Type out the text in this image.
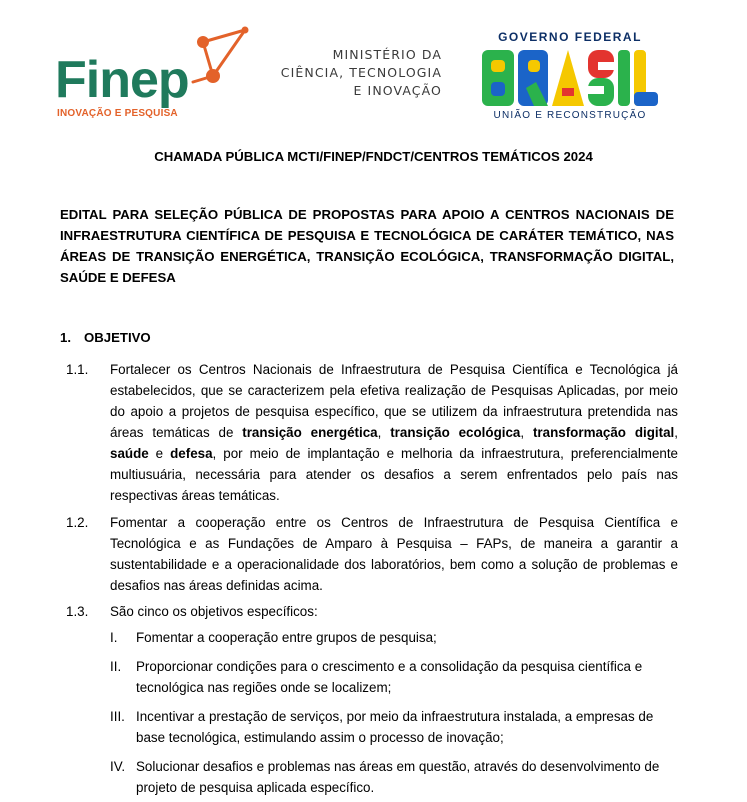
Finep
INOVAÇÃO E PESQUISA
MINISTÉRIO DA
CIÊNCIA, TECNOLOGIA
E INOVAÇÃO
GOVERNO FEDERAL
UNIÃO E RECONSTRUÇÃO
CHAMADA PÚBLICA MCTI/FINEP/FNDCT/CENTROS TEMÁTICOS 2024
EDITAL PARA SELEÇÃO PÚBLICA DE PROPOSTAS PARA APOIO A CENTROS NACIONAIS DE INFRAESTRUTURA CIENTÍFICA DE PESQUISA E TECNOLÓGICA DE CARÁTER TEMÁTICO, NAS ÁREAS DE TRANSIÇÃO ENERGÉTICA, TRANSIÇÃO ECOLÓGICA, TRANSFORMAÇÃO DIGITAL, SAÚDE E DEFESA
1. OBJETIVO
1.1.	Fortalecer os Centros Nacionais de Infraestrutura de Pesquisa Científica e Tecnológica já estabelecidos, que se caracterizem pela efetiva realização de Pesquisas Aplicadas, por meio do apoio a projetos de pesquisa específico, que se utilizem da infraestrutura pretendida nas áreas temáticas de transição energética, transição ecológica, transformação digital, saúde e defesa, por meio de implantação e melhoria da infraestrutura, preferencialmente multiusuária, necessária para atender os desafios a serem enfrentados pelo país nas respectivas áreas temáticas.
1.2.	Fomentar a cooperação entre os Centros de Infraestrutura de Pesquisa Científica e Tecnológica e as Fundações de Amparo à Pesquisa – FAPs, de maneira a garantir a sustentabilidade e a operacionalidade dos laboratórios, bem como a solução de problemas e desafios nas áreas definidas acima.
1.3.	São cinco os objetivos específicos:
I.	Fomentar a cooperação entre grupos de pesquisa;
II.	Proporcionar condições para o crescimento e a consolidação da pesquisa científica e tecnológica nas regiões onde se localizem;
III. Incentivar a prestação de serviços, por meio da infraestrutura instalada, a empresas de base tecnológica, estimulando assim o processo de inovação;
IV. Solucionar desafios e problemas nas áreas em questão, através do desenvolvimento de projeto de pesquisa aplicada específico.
